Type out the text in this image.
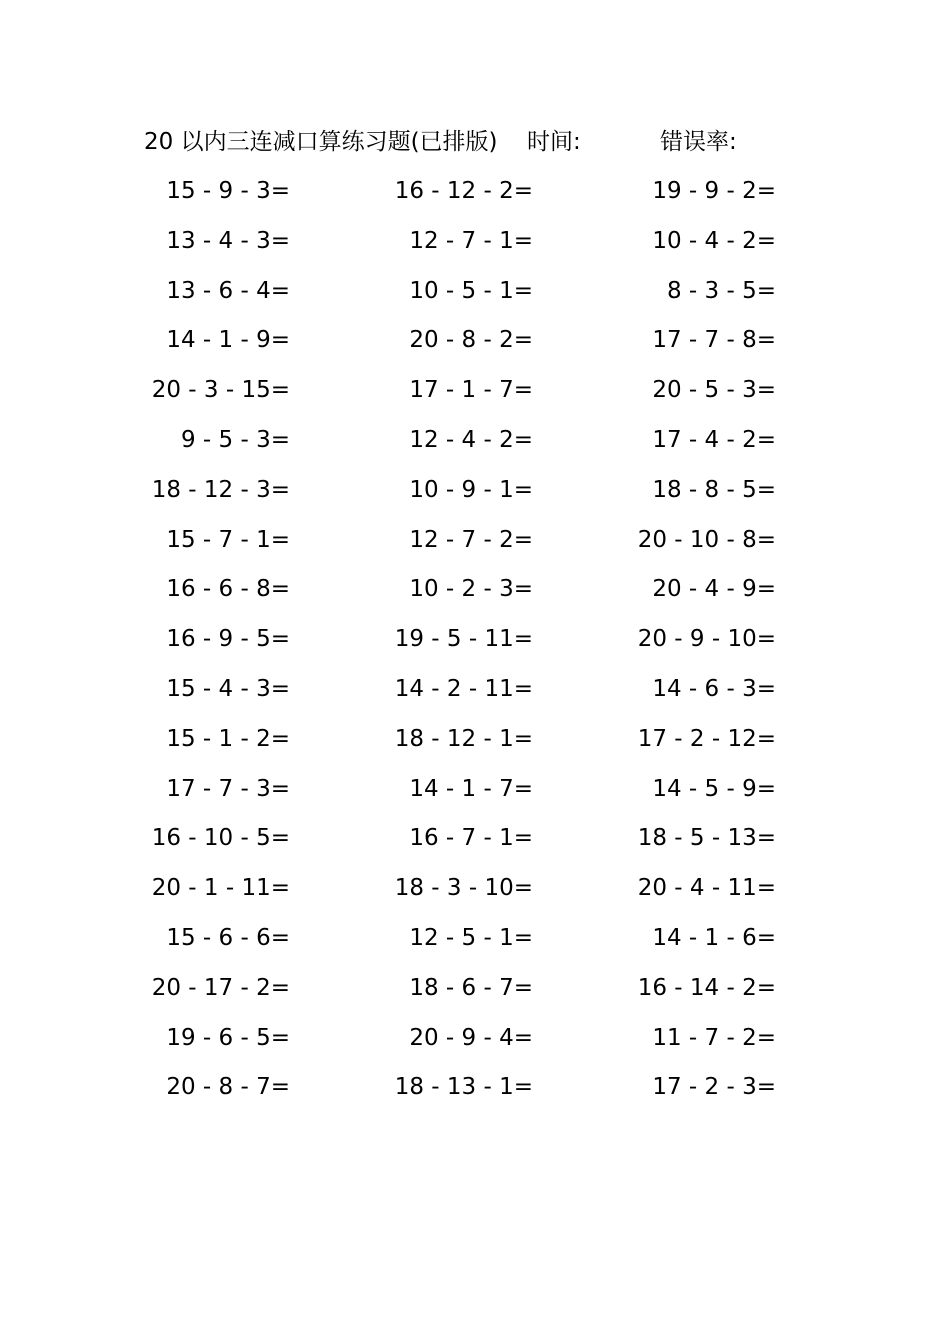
20 以内三连减口算练习题(已排版) 时间:	错误率:
15 - 9 - 3=	16 - 12 - 2=	19 - 9 - 2=
13 - 4 - 3=	12 - 7 - 1=	10 - 4 - 2=
13 - 6 - 4=	10 - 5 - 1=	8 - 3 - 5=
14 - 1 - 9=	20 - 8 - 2=	17 - 7 - 8=
20 - 3 - 15=	17 - 1 - 7=	20 - 5 - 3=
9 - 5 - 3=	12 - 4 - 2=	17 - 4 - 2=
18 - 12 - 3=	10 - 9 - 1=	18 - 8 - 5=
15 - 7 - 1=	12 - 7 - 2=	20 - 10 - 8=
16 - 6 - 8=	10 - 2 - 3=	20 - 4 - 9=
16 - 9 - 5=	19 - 5 - 11=	20 - 9 - 10=
15 - 4 - 3=	14 - 2 - 11=	14 - 6 - 3=
15 - 1 - 2=	18 - 12 - 1=	17 - 2 - 12=
17 - 7 - 3=	14 - 1 - 7=	14 - 5 - 9=
16 - 10 - 5=	16 - 7 - 1=	18 - 5 - 13=
20 - 1 - 11=	18 - 3 - 10=	20 - 4 - 11=
15 - 6 - 6=	12 - 5 - 1=	14 - 1 - 6=
20 - 17 - 2=	18 - 6 - 7=	16 - 14 - 2=
19 - 6 - 5=	20 - 9 - 4=	11 - 7 - 2=
20 - 8 - 7=	18 - 13 - 1=	17 - 2 - 3=
